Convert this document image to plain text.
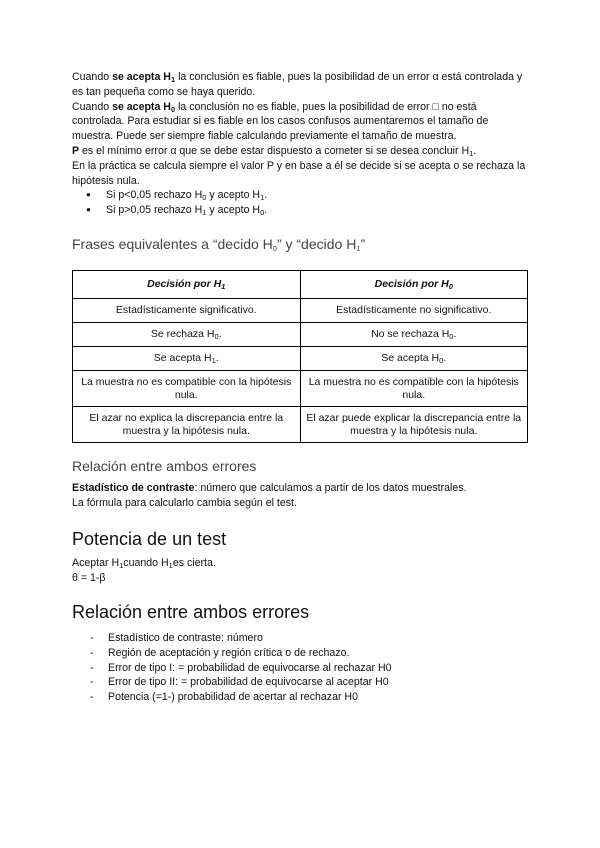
Cuando se acepta $H_1$ la conclusión es fiable, pues la posibilidad de un error α está controlada y es tan pequeña como se haya querido.

Cuando se acepta $H_0$ la conclusión no es fiable, pues la posibilidad de error □ no está controlada. Para estudiar si es fiable en los casos confusos aumentaremos el tamaño de muestra. Puede ser siempre fiable calculando previamente el tamaño de muestra.

P es el mínimo error α que se debe estar dispuesto a cometer si se desea concluir $H_1$.

En la práctica se calcula siempre el valor P y en base a él se decide si se acepta o se rechaza la hipótesis nula.

● Si p<0,05 rechazo $H_0$ y acepto $H_1$.
● Si p>0,05 rechazo $H_1$ y acepto $H_0$.
Frases equivalentes a “decido $H_0$” y “decido $H_1$”
Decisión por $H_1$	Decisión por $H_0$
Estadísticamente significativo.	Estadísticamente no significativo.
Se rechaza $H_0$.	No se rechaza $H_0$.
Se acepta $H_1$.	Se acepta $H_0$.
La muestra no es compatible con la hipótesis nula.	La muestra no es compatible con la hipótesis nula.
El azar no explica la discrepancia entre la muestra y la hipótesis nula.	El azar puede explicar la discrepancia entre la muestra y la hipótesis nula.
Relación entre ambos errores

Estadístico de contraste: número que calculamos a partir de los datos muestrales.

La fórmula para calcularlo cambia según el test.

Potencia de un test

Aceptar $H_1cuando$ $H_1es$ cierta.

θ = 1-β

Relación entre ambos errores
- Estadístico de contraste: número
- Región de aceptación y región crítica o de rechazo.
- Error de tipo I: = probabilidad de equivocarse al rechazar H0
- Error de tipo II: = probabilidad de equivocarse al aceptar H0
- Potencia (=1-) probabilidad de acertar al rechazar H0
